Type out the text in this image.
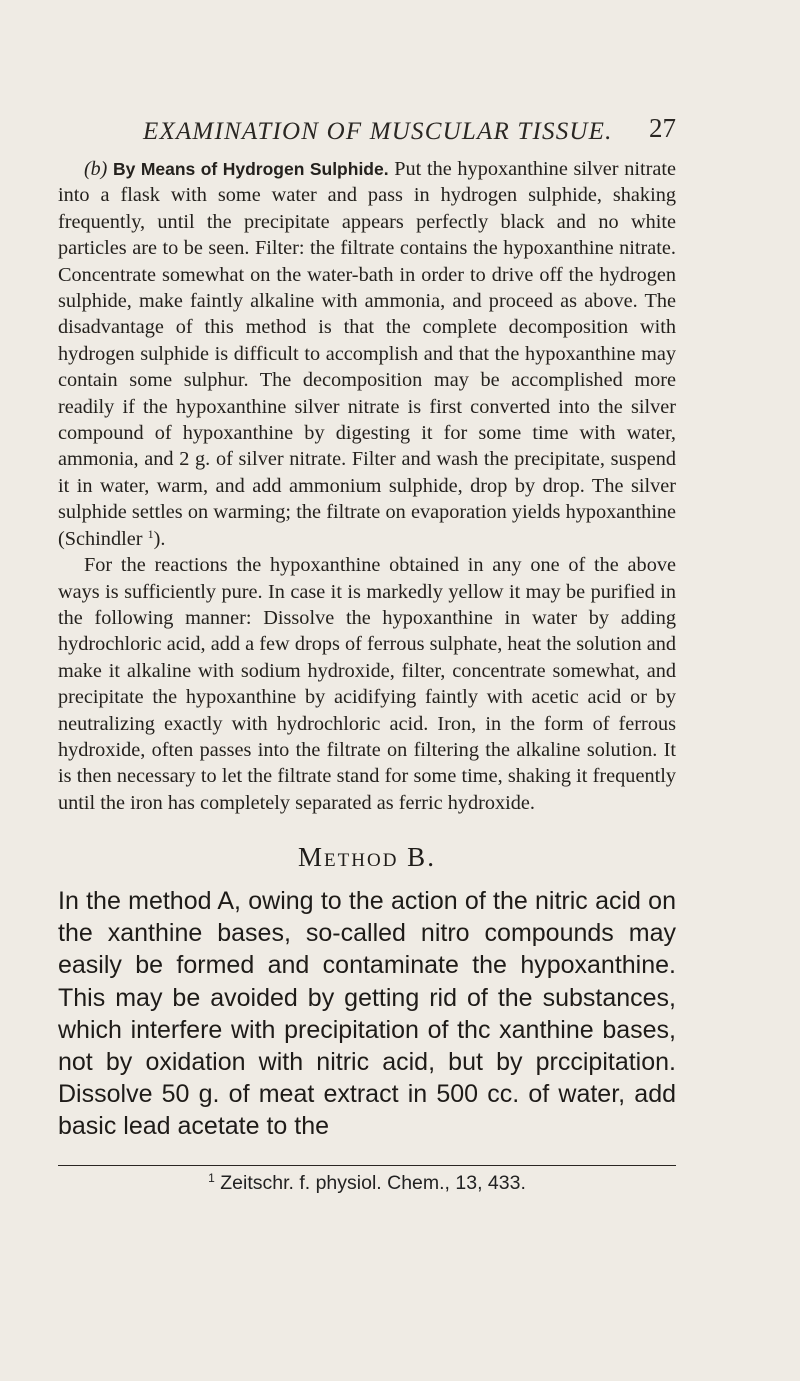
EXAMINATION OF MUSCULAR TISSUE. 27

(b) By Means of Hydrogen Sulphide. Put the hypoxanthine silver nitrate into a flask with some water and pass in hydrogen sulphide, shaking frequently, until the precipitate appears perfectly black and no white particles are to be seen. Filter: the filtrate contains the hypoxanthine nitrate. Concentrate somewhat on the water-bath in order to drive off the hydrogen sulphide, make faintly alkaline with ammonia, and proceed as above. The disadvantage of this method is that the complete decomposition with hydrogen sulphide is difficult to accomplish and that the hypoxanthine may contain some sulphur. The decomposition may be accomplished more readily if the hypoxanthine silver nitrate is first converted into the silver compound of hypoxanthine by digesting it for some time with water, ammonia, and 2 g. of silver nitrate. Filter and wash the precipitate, suspend it in water, warm, and add ammonium sulphide, drop by drop. The silver sulphide settles on warming; the filtrate on evaporation yields hypoxanthine (Schindler $^1$).

For the reactions the hypoxanthine obtained in any one of the above ways is sufficiently pure. In case it is markedly yellow it may be purified in the following manner: Dissolve the hypoxanthine in water by adding hydrochloric acid, add a few drops of ferrous sulphate, heat the solution and make it alkaline with sodium hydroxide, filter, concentrate somewhat, and precipitate the hypoxanthine by acidifying faintly with acetic acid or by neutralizing exactly with hydrochloric acid. Iron, in the form of ferrous hydroxide, often passes into the filtrate on filtering the alkaline solution. It is then necessary to let the filtrate stand for some time, shaking it frequently until the iron has completely separated as ferric hydroxide.

Method B.

In the method A, owing to the action of the nitric acid on the xanthine bases, so-called nitro compounds may easily be formed and contaminate the hypoxanthine. This may be avoided by getting rid of the substances, which interfere with precipitation of thc xanthine bases, not by oxidation with nitric acid, but by prccipitation. Dissolve 50 g. of meat extract in 500 cc. of water, add basic lead acetate to the

$^1$ Zeitschr. f. physiol. Chem., 13, 433.
